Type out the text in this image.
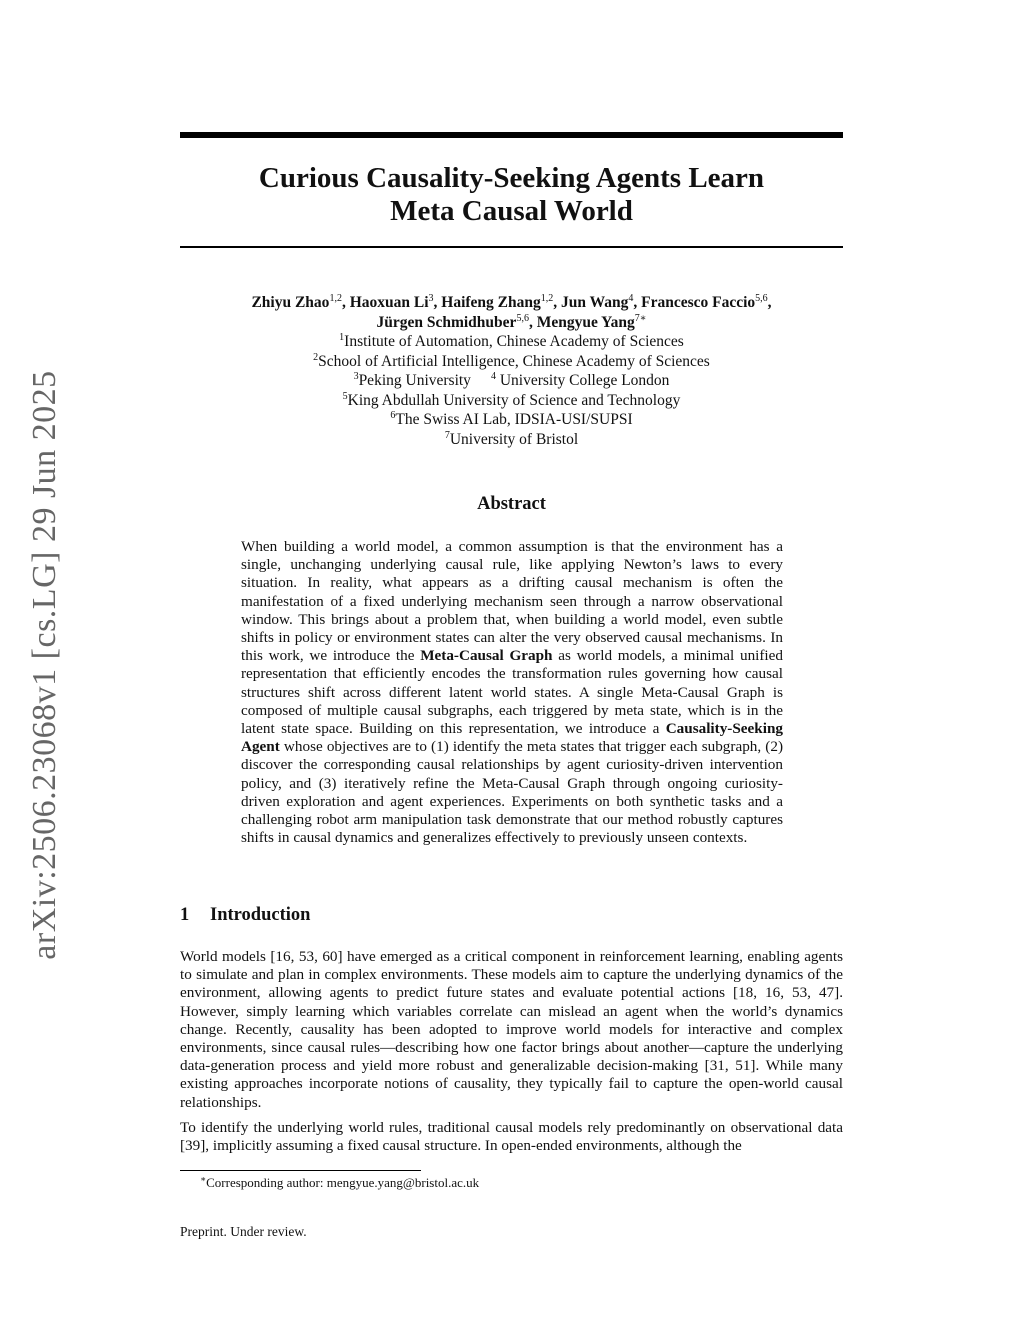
arXiv:2506.23068v1 [cs.LG] 29 Jun 2025
Curious Causality-Seeking Agents Learn
Meta Causal World
Zhiyu Zhao$^{1,2}$, Haoxuan Li$^3$, Haifeng Zhang$^{1,2}$, Jun Wang$^4$, Francesco Faccio$^{5,6}$,
Jürgen Schmidhuber$^{5,6}$, Mengyue Yang$^{7∗}$
$^1$Institute of Automation, Chinese Academy of Sciences
$^2$School of Artificial Intelligence, Chinese Academy of Sciences
$^3$Peking University $^4$ University College London
$^5$King Abdullah University of Science and Technology
$^6$The Swiss AI Lab, IDSIA-USI/SUPSI
$^7$University of Bristol
Abstract
When building a world model, a common assumption is that the environment has a single, unchanging underlying causal rule, like applying Newton’s laws to every situation. In reality, what appears as a drifting causal mechanism is often the manifestation of a fixed underlying mechanism seen through a narrow observational window. This brings about a problem that, when building a world model, even subtle shifts in policy or environment states can alter the very observed causal mechanisms. In this work, we introduce the Meta-Causal Graph as world models, a minimal unified representation that efficiently encodes the transformation rules governing how causal structures shift across different latent world states. A single Meta-Causal Graph is composed of multiple causal subgraphs, each triggered by meta state, which is in the latent state space. Building on this representation, we introduce a Causality-Seeking Agent whose objectives are to (1) identify the meta states that trigger each subgraph, (2) discover the corresponding causal relationships by agent curiosity-driven intervention policy, and (3) iteratively refine the Meta-Causal Graph through ongoing curiosity-driven exploration and agent experiences. Experiments on both synthetic tasks and a challenging robot arm manipulation task demonstrate that our method robustly captures shifts in causal dynamics and generalizes effectively to previously unseen contexts.
1 Introduction

World models [16, 53, 60] have emerged as a critical component in reinforcement learning, enabling agents to simulate and plan in complex environments. These models aim to capture the underlying dynamics of the environment, allowing agents to predict future states and evaluate potential actions [18, 16, 53, 47]. However, simply learning which variables correlate can mislead an agent when the world’s dynamics change. Recently, causality has been adopted to improve world models for interactive and complex environments, since causal rules—describing how one factor brings about another—capture the underlying data-generation process and yield more robust and generalizable decision-making [31, 51]. While many existing approaches incorporate notions of causality, they typically fail to capture the open-world causal relationships.

To identify the underlying world rules, traditional causal models rely predominantly on observational data [39], implicitly assuming a fixed causal structure. In open-ended environments, although the

∗Corresponding author: mengyue.yang@bristol.ac.uk
Preprint. Under review.
